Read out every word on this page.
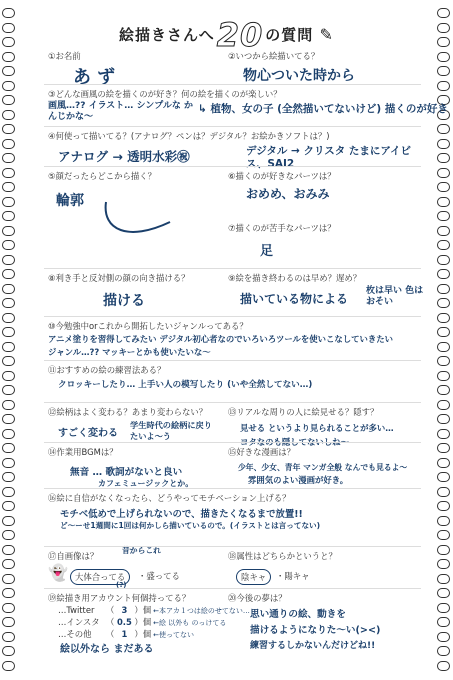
絵描きさんへ20 の質問 ✎
①お名前
あず
②いつから絵描いてる？
物心ついた時から
③どんな画風の絵を描くのが好き？何の絵を描くのが楽しい？
画風…?? イラスト… シンプルな かんじかな～
↳ 植物、女の子 (全然描いてないけど) 描くのが好き
④何使って描いてる？(アナログ？ペンは？デジタル？お絵かきソフトは？)
アナログ → 透明水彩㊗	デジタル → クリスタ たまにアイビス、SAI2
⑤顔だったらどこから描く？
輪郭
⑥描くのが好きなパーツは？
おめめ、おみみ
⑦描くのが苦手なパーツは？
足
⑧利き手と反対側の顔の向き描ける？
描ける
⑨絵を描き終わるのは早め？遅め？
描いている物による
枚は早い 色はおそい
⑩今勉強中orこれから開拓したいジャンルってある？
アニメ塗りを習得してみたい デジタル初心者なのでいろいろツールを使いこなしていきたい
ジャンル…?? マッキーとかも使いたいな～
⑪おすすめの絵の練習法ある？
クロッキーしたり… 上手い人の模写したり (いや全然してない…)
⑫絵柄はよく変わる？あまり変わらない？
すごく変わる
学生時代の絵柄に戻りたいよ～う
⑬リアルな周りの人に絵見せる？隠す？
見せる というより見られることが多い…
ヨタなのも隠してないしね～
⑭作業用BGMは？
無音 … 歌詞がないと良い
カフェミュージックとか。
⑮好きな漫画は？
少年、少女、青年 マンガ全般 なんでも見るよ～
雰囲気のよい漫画が好き。
⑯絵に自信がなくなったら、どうやってモチベーション上げる？
モチベ低めで上げられないので、描きたくなるまで放置!!
ど～ーせ1週間に1回は何かしら描いているので。(イラストとは言ってない)
⑰自画像は？
昔からこれ
👻 大体合ってる	・盛ってる
(?)
⑱属性はどちらかというと？
陰キャ	・陽キャ
⑲絵描き用アカウント何個持ってる？
…Twitter （ 3 ）個 ←本アカ１つは絵のせてない…
…インスタ （ 0.5 ）個 ←絵 以外も のっけてる
…その他 （ 1 ）個 ←使ってない
絵以外なら まだある
⑳今後の夢は？
思い通りの絵、動きを
描けるようになりた～い(><)
練習するしかないんだけどね!!
